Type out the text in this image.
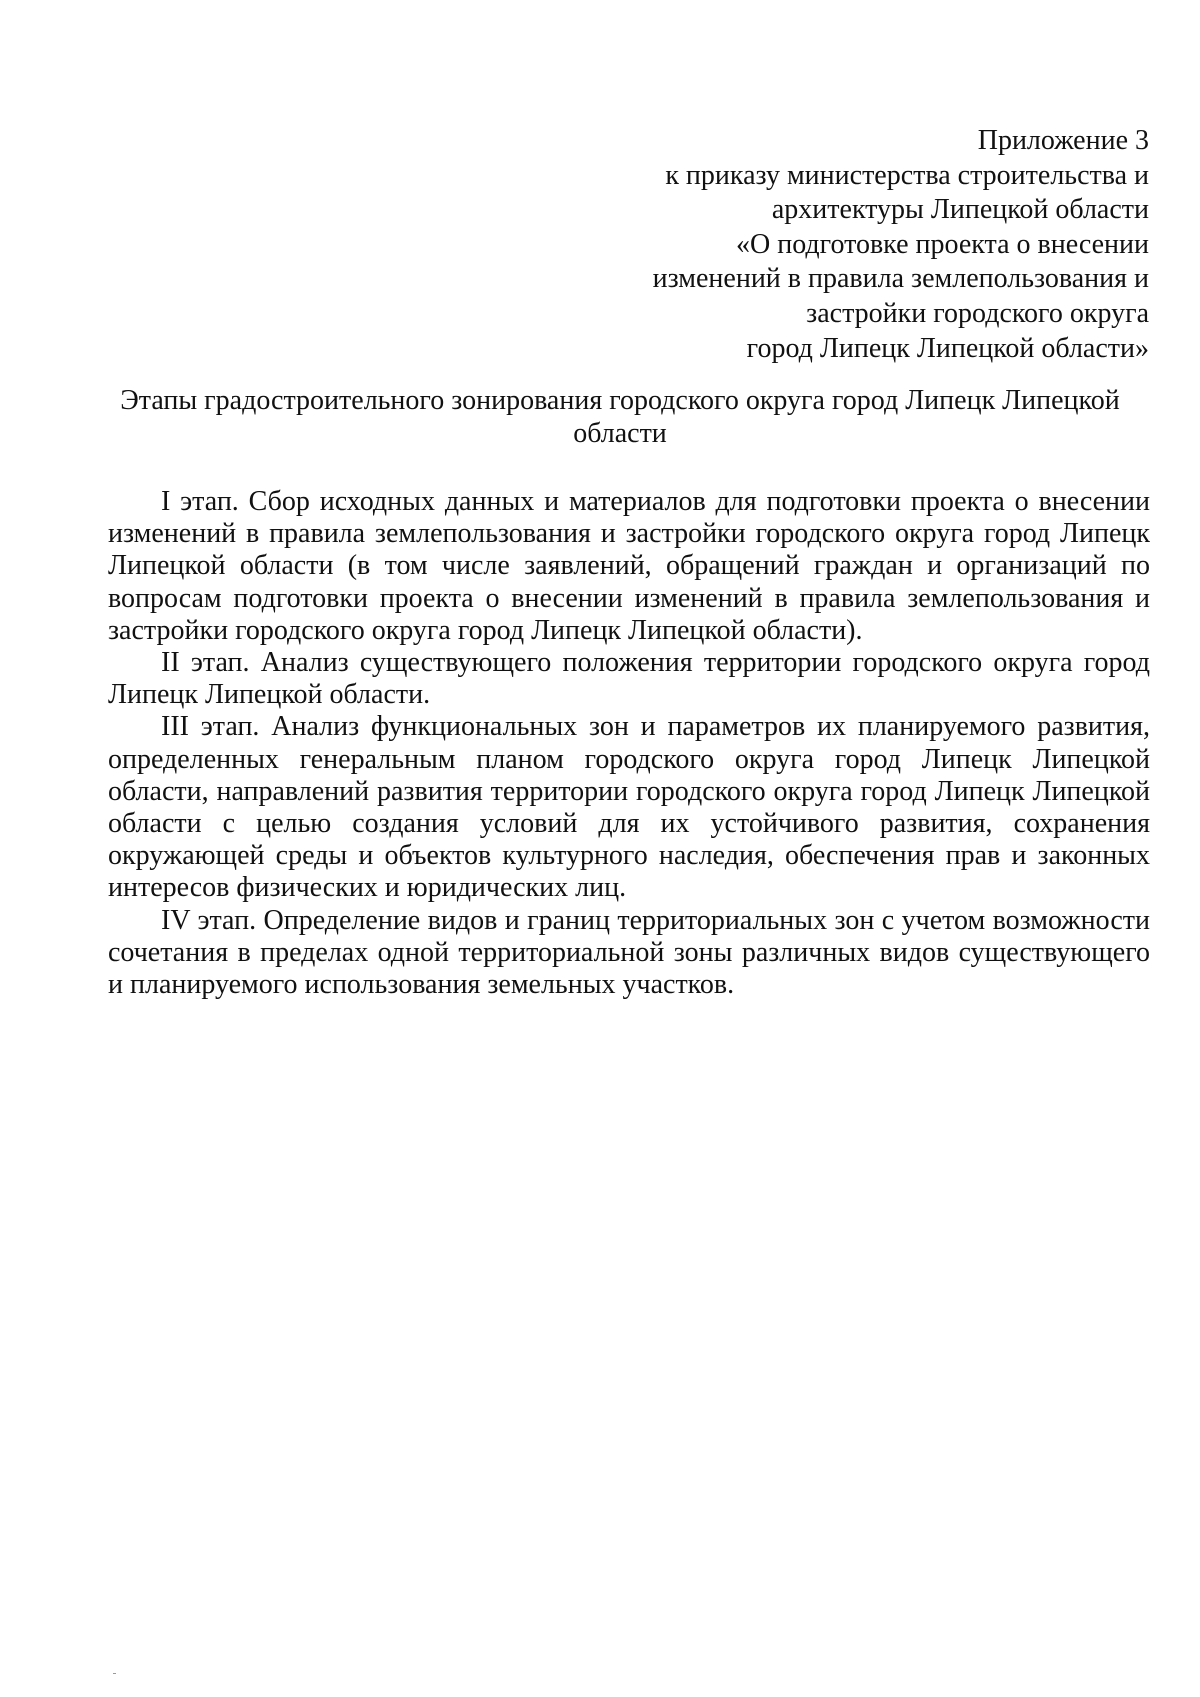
Приложение 3
к приказу министерства строительства и
архитектуры Липецкой области
«О подготовке проекта о внесении
изменений в правила землепользования и
застройки городского округа
город Липецк Липецкой области»
Этапы градостроительного зонирования городского округа город Липецк Липецкой
области

I этап. Сбор исходных данных и материалов для подготовки проекта о внесении изменений в правила землепользования и застройки городского округа город Липецк Липецкой области (в том числе заявлений, обращений граждан и организаций по вопросам подготовки проекта о внесении изменений в правила землепользования и застройки городского округа город Липецк Липецкой области).

II этап. Анализ существующего положения территории городского округа город Липецк Липецкой области.

III этап. Анализ функциональных зон и параметров их планируемого развития, определенных генеральным планом городского округа город Липецк Липецкой области, направлений развития территории городского округа город Липецк Липецкой области с целью создания условий для их устойчивого развития, сохранения окружающей среды и объектов культурного наследия, обеспечения прав и законных интересов физических и юридических лиц.

IV этап. Определение видов и границ территориальных зон с учетом возможности сочетания в пределах одной территориальной зоны различных видов существующего и планируемого использования земельных участков.
